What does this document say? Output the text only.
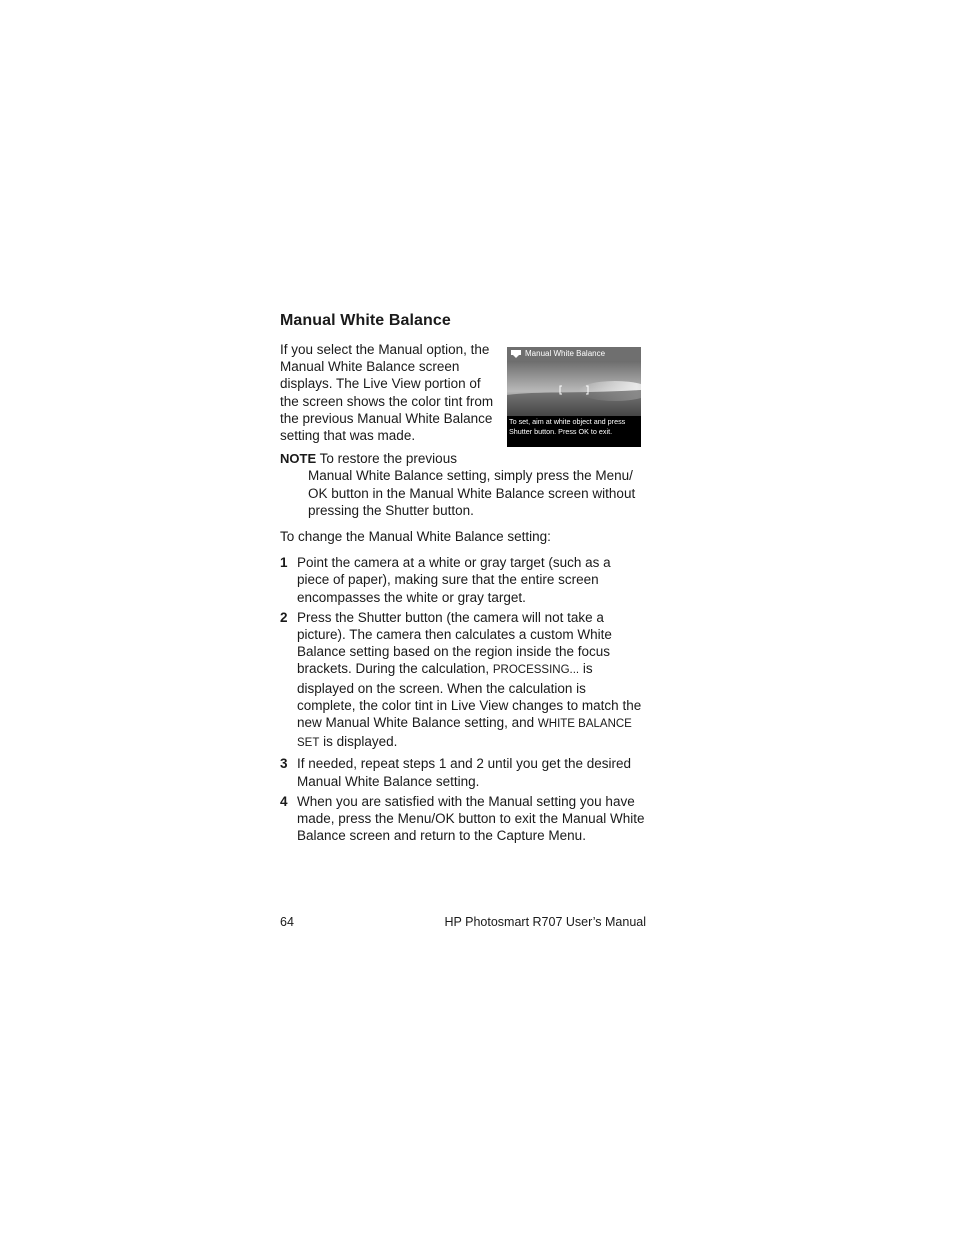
Manual White Balance
If you select the Manual option, the Manual White Balance screen displays. The Live View portion of the screen shows the color tint from the previous Manual White Balance setting that was made.
Manual White Balance
To set, aim at white object and press Shutter button. Press OK to exit.
NOTE To restore the previous
Manual White Balance setting, simply press the Menu/ OK button in the Manual White Balance screen without pressing the Shutter button.
To change the Manual White Balance setting:
1 Point the camera at a white or gray target (such as a piece of paper), making sure that the entire screen encompasses the white or gray target.
2 Press the Shutter button (the camera will not take a picture). The camera then calculates a custom White Balance setting based on the region inside the focus brackets. During the calculation, PROCESSING... is displayed on the screen. When the calculation is complete, the color tint in Live View changes to match the new Manual White Balance setting, and WHITE BALANCE SET is displayed.
3 If needed, repeat steps 1 and 2 until you get the desired Manual White Balance setting.
4 When you are satisfied with the Manual setting you have made, press the Menu/OK button to exit the Manual White Balance screen and return to the Capture Menu.
64	HP Photosmart R707 User’s Manual
